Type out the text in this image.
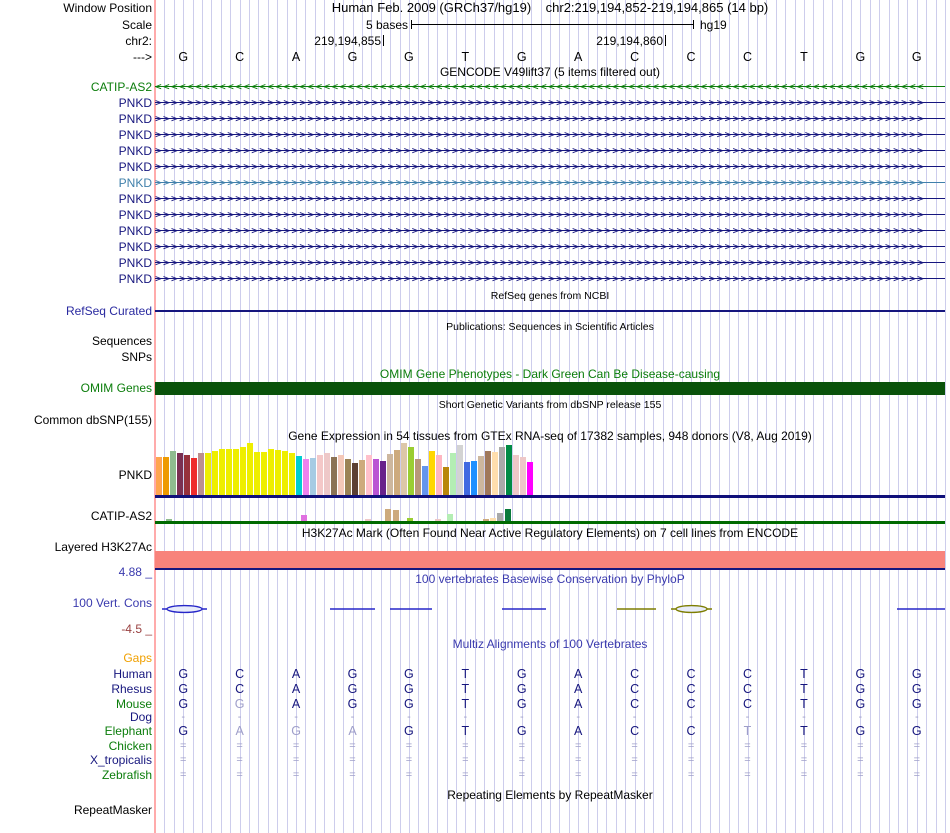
Window Position	Human Feb. 2009 (GRCh37/hg19) chr2:219,194,852-219,194,865 (14 bp)
Scale	5 bases	hg19
chr2:	219,194,855	219,194,860
---> G	C	A	G	G	T	G	A	C	C	C	T	G	G
GENCODE V49lift37 (5 items filtered out)
CATIP-AS2 <<<<<<<<<<<<<<<<<<<<<<<<<<<<<<<<<<<<<<<<<<<<<<<<<<<<<<<<<<<<<<<<<<<<<<<<<<<<<<<<<<<<<<<<<<<<<<<<
PNKD >>>>>>>>>>>>>>>>>>>>>>>>>>>>>>>>>>>>>>>>>>>>>>>>>>>>>>>>>>>>>>>>>>>>>>>>>>>>>>>>>>>>>>>>>>>>>>>>
PNKD >>>>>>>>>>>>>>>>>>>>>>>>>>>>>>>>>>>>>>>>>>>>>>>>>>>>>>>>>>>>>>>>>>>>>>>>>>>>>>>>>>>>>>>>>>>>>>>>
PNKD >>>>>>>>>>>>>>>>>>>>>>>>>>>>>>>>>>>>>>>>>>>>>>>>>>>>>>>>>>>>>>>>>>>>>>>>>>>>>>>>>>>>>>>>>>>>>>>>
PNKD >>>>>>>>>>>>>>>>>>>>>>>>>>>>>>>>>>>>>>>>>>>>>>>>>>>>>>>>>>>>>>>>>>>>>>>>>>>>>>>>>>>>>>>>>>>>>>>>
PNKD >>>>>>>>>>>>>>>>>>>>>>>>>>>>>>>>>>>>>>>>>>>>>>>>>>>>>>>>>>>>>>>>>>>>>>>>>>>>>>>>>>>>>>>>>>>>>>>>
PNKD >>>>>>>>>>>>>>>>>>>>>>>>>>>>>>>>>>>>>>>>>>>>>>>>>>>>>>>>>>>>>>>>>>>>>>>>>>>>>>>>>>>>>>>>>>>>>>>>
PNKD >>>>>>>>>>>>>>>>>>>>>>>>>>>>>>>>>>>>>>>>>>>>>>>>>>>>>>>>>>>>>>>>>>>>>>>>>>>>>>>>>>>>>>>>>>>>>>>>
PNKD >>>>>>>>>>>>>>>>>>>>>>>>>>>>>>>>>>>>>>>>>>>>>>>>>>>>>>>>>>>>>>>>>>>>>>>>>>>>>>>>>>>>>>>>>>>>>>>>
PNKD >>>>>>>>>>>>>>>>>>>>>>>>>>>>>>>>>>>>>>>>>>>>>>>>>>>>>>>>>>>>>>>>>>>>>>>>>>>>>>>>>>>>>>>>>>>>>>>>
PNKD >>>>>>>>>>>>>>>>>>>>>>>>>>>>>>>>>>>>>>>>>>>>>>>>>>>>>>>>>>>>>>>>>>>>>>>>>>>>>>>>>>>>>>>>>>>>>>>>
PNKD >>>>>>>>>>>>>>>>>>>>>>>>>>>>>>>>>>>>>>>>>>>>>>>>>>>>>>>>>>>>>>>>>>>>>>>>>>>>>>>>>>>>>>>>>>>>>>>>
PNKD >>>>>>>>>>>>>>>>>>>>>>>>>>>>>>>>>>>>>>>>>>>>>>>>>>>>>>>>>>>>>>>>>>>>>>>>>>>>>>>>>>>>>>>>>>>>>>>>
RefSeq genes from NCBI
RefSeq Curated
Publications: Sequences in Scientific Articles
Sequences
SNPs
OMIM Gene Phenotypes - Dark Green Can Be Disease-causing
OMIM Genes
Short Genetic Variants from dbSNP release 155
Common dbSNP(155)
Gene Expression in 54 tissues from GTEx RNA-seq of 17382 samples, 948 donors (V8, Aug 2019)
PNKD
CATIP-AS2
H3K27Ac Mark (Often Found Near Active Regulatory Elements) on 7 cell lines from ENCODE
Layered H3K27Ac
4.88 _	100 vertebrates Basewise Conservation by PhyloP
100 Vert. Cons
-4.5 _
Multiz Alignments of 100 Vertebrates
Gaps
Human G	C	A	G	G	T	G	A	C	C	C	T	G	G
Rhesus G	C	A	G	G	T	G	A	C	C	C	T	G	G
Mouse G	G	A	G	G	T	G	A	C	C	C	T	G	G
Dog	-	-	-	-	-	-	-	-	-	-	-	-	-	-
Elephant G	A	G	A	G	T	G	A	C	C	T	T	G	G
Chicken	=	=	=	=	=	=	=	=	=	=	=	=	=	=
X_tropicalis	=	=	=	=	=	=	=	=	=	=	=	=	=	=
Zebrafish	=	=	=	=	=	=	=	=	=	=	=	=	=	=
Repeating Elements by RepeatMasker
RepeatMasker
